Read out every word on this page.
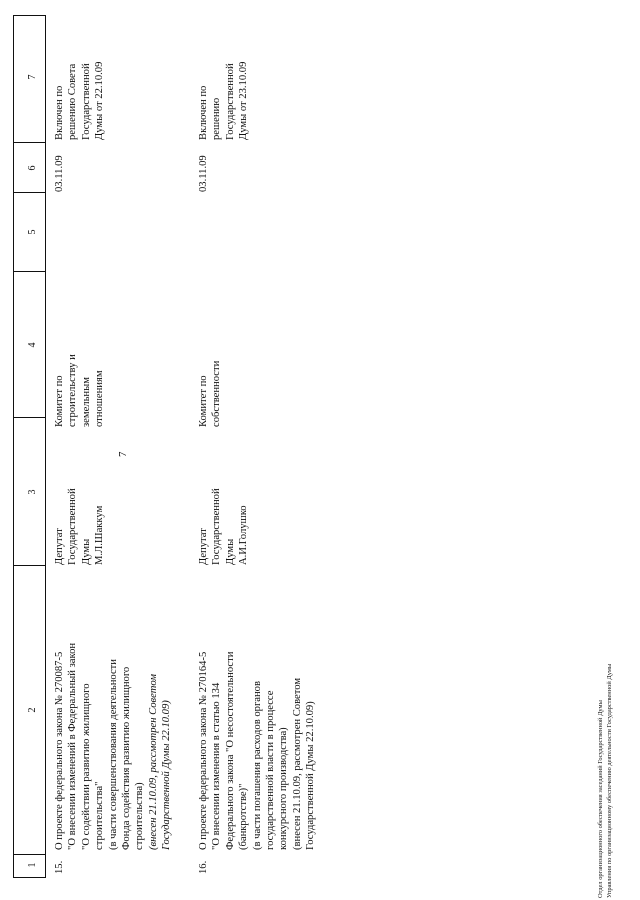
7
1
2
3
4
5
6
7
15.
О проекте федерального закона № 270087-5
"О внесении изменений в Федеральный закон
"О содействии развитию жилищного
строительства"
(в части совершенствования деятельности
Фонда содействия развитию жилищного
строительства) (внесен 21.10.09, рассмотрен Советом
Государственной Думы 22.10.09)
Депутат
Государственной
Думы
М.Л.Шаккум
Комитет по
строительству и
земельным
отношениям
03.11.09
Включен по
решению Совета
Государственной
Думы от 22.10.09
16.
О проекте федерального закона № 270164-5
"О внесении изменения в статью 134
Федерального закона "О несостоятельности
(банкротстве)"
(в части погашения расходов органов
государственной власти в процессе
конкурсного производства)
(внесен 21.10.09, рассмотрен Советом
Государственной Думы 22.10.09)
Депутат
Государственной
Думы
А.И.Голушко
Комитет по
собственности
03.11.09
Включен по
решению
Государственной
Думы от 23.10.09
Отдел организационного обеспечения заседаний Государственной Думы Управления по организационному обеспечению деятельности Государственной Думы
